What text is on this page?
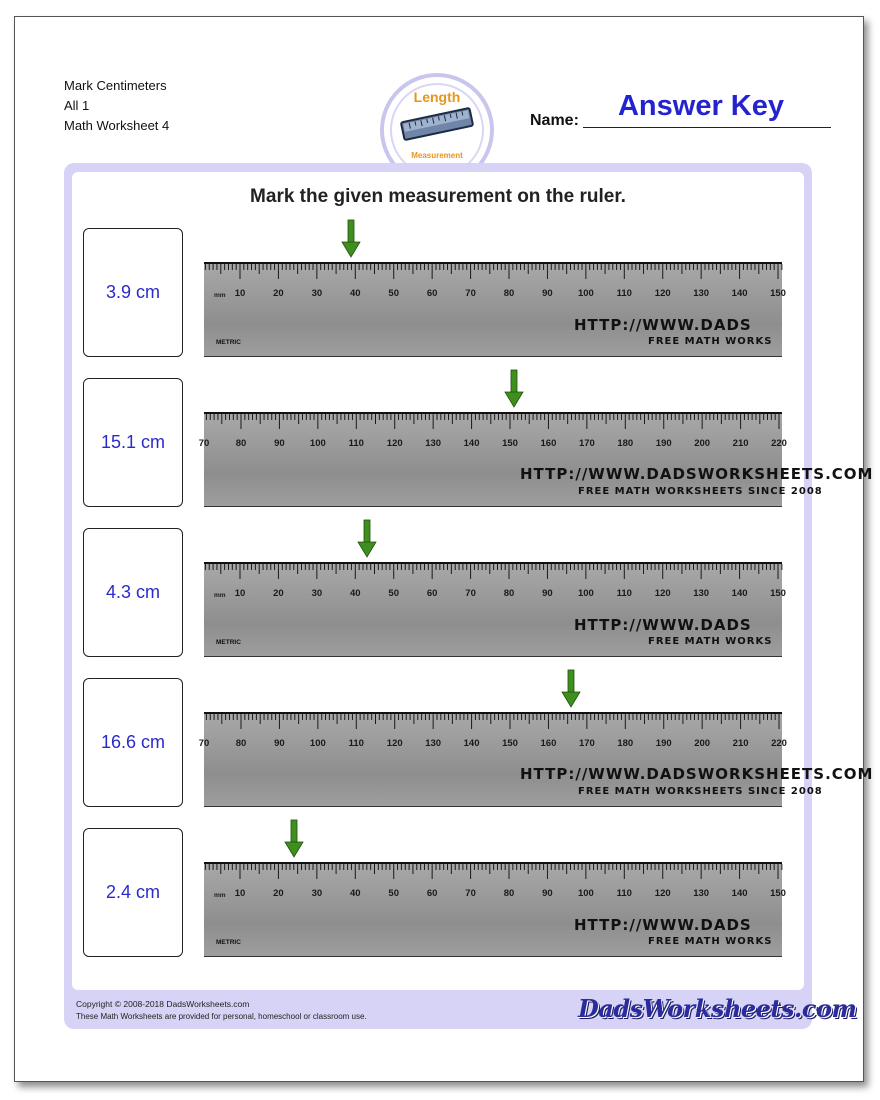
Mark Centimeters
All 1
Math Worksheet 4
Length
Measurement
Answer Key
Name:
Mark the given measurement on the ruler.
3.9 cm	10	20	30	40	50	60	70	80	90	100 110 120 130 140 150
mm
HTTP://WWW.DADS
FREE MATH WORKS
METRIC
15.1 cm	80	90	100 110 120 130 140 150 160 170 180 190 200 210 220
70
HTTP://WWW.DADSWORKSHEETS.COM
FREE MATH WORKSHEETS SINCE 2008
4.3 cm	10	20	30	40	50	60	70	80	90	100 110 120 130 140 150
mm
HTTP://WWW.DADS
FREE MATH WORKS
METRIC
16.6 cm	80	90	100 110 120 130 140 150 160 170 180 190 200 210 220
70
HTTP://WWW.DADSWORKSHEETS.COM
FREE MATH WORKSHEETS SINCE 2008
2.4 cm	10	20	30	40	50	60	70	80	90	100 110 120 130 140 150
mm
HTTP://WWW.DADS
FREE MATH WORKS
METRIC
Copyright © 2008-2018 DadsWorksheets.com
These Math Worksheets are provided for personal, homeschool or classroom use.	DadsWorksheets.com
